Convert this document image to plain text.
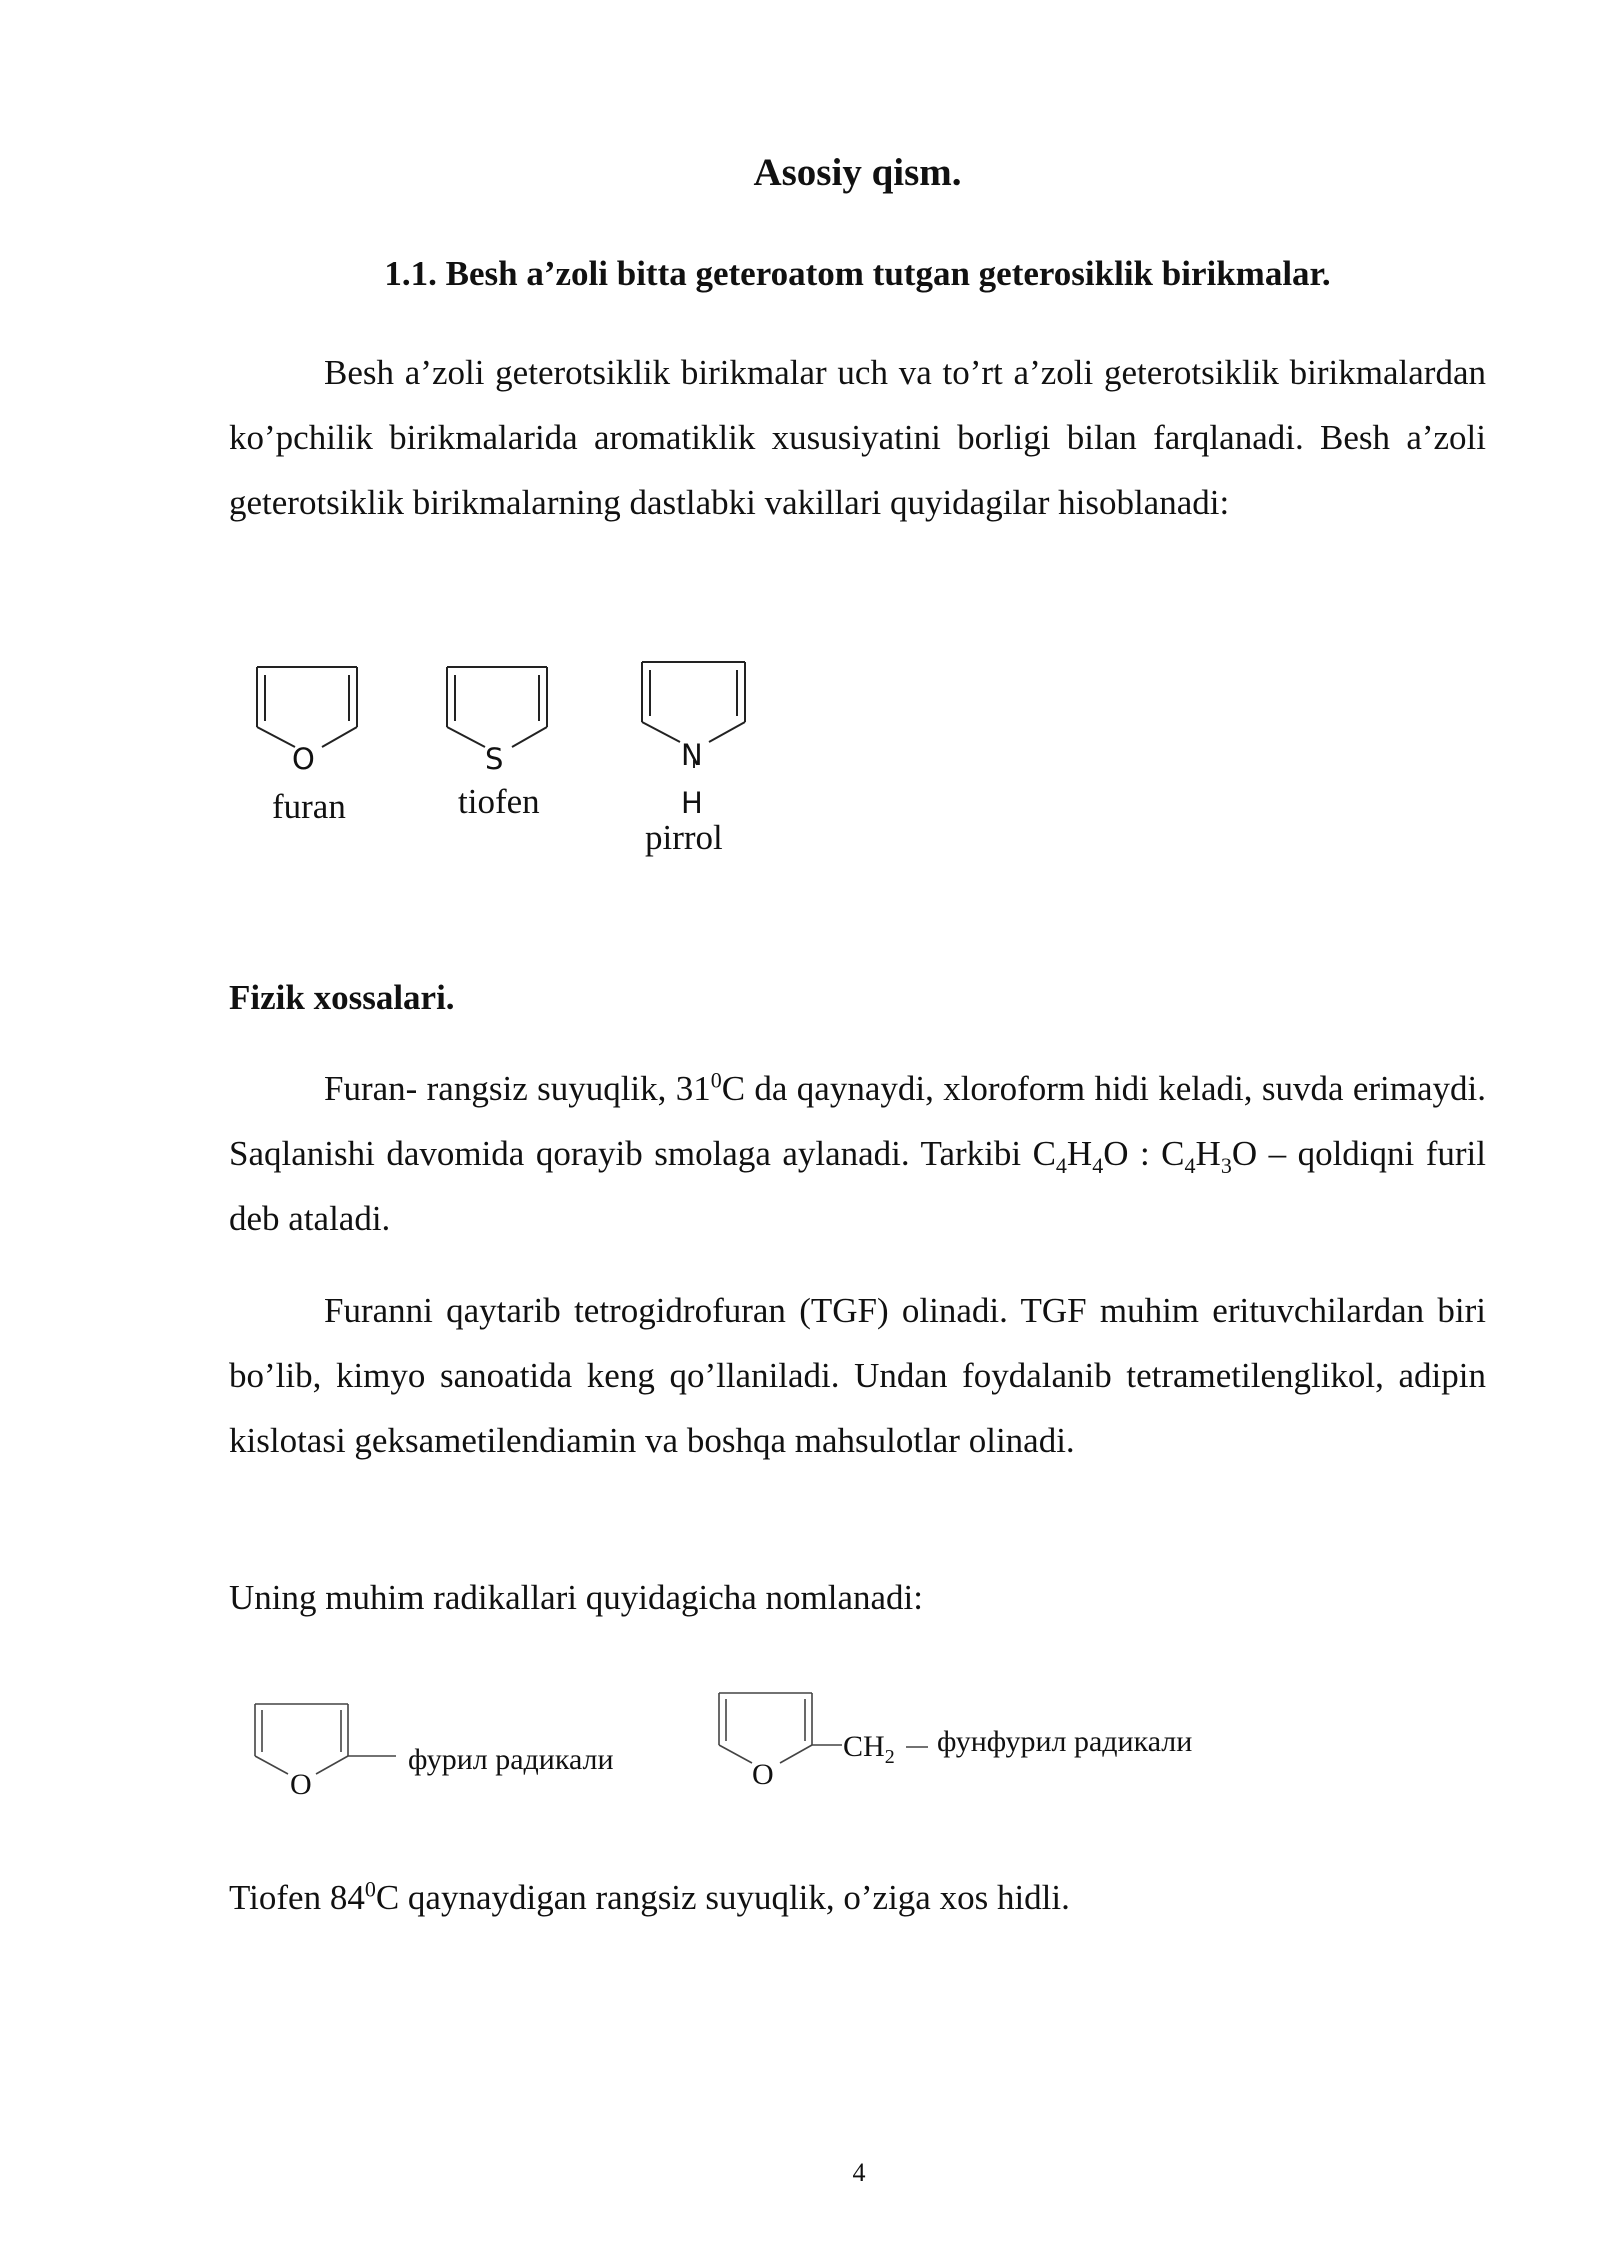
Asosiy qism.
1.1. Besh a’zoli bitta geteroatom tutgan geterosiklik birikmalar.

Besh a’zoli geterotsiklik birikmalar uch va to’rt a’zoli geterotsiklik birikmalardan ko’pchilik birikmalarida aromatiklik xususiyatini borligi bilan farqlanadi. Besh a’zoli geterotsiklik birikmalarning dastlabki vakillari quyidagilar hisoblanadi:

O
furan
S
tiofen
N
H
pirrol
Fizik xossalari.

Furan- rangsiz suyuqlik, $31^0C$ da qaynaydi, xloroform hidi keladi, suvda erimaydi. Saqlanishi davomida qorayib smolaga aylanadi. Tarkibi $C_4H_4O$ : $C_4H_3O$ – qoldiqni furil deb ataladi.

Furanni qaytarib tetrogidrofuran (TGF) olinadi. TGF muhim erituvchilardan biri bo’lib, kimyo sanoatida keng qo’llaniladi. Undan foydalanib tetrametilenglikol, adipin kislotasi geksametilendiamin va boshqa mahsulotlar olinadi.

Uning muhim radikallari quyidagicha nomlanadi:

O
фурил радикали	O
$CH_2$ фунфурил радикали

Tiofen $84^0C$ qaynaydigan rangsiz suyuqlik, o’ziga xos hidli.

4
